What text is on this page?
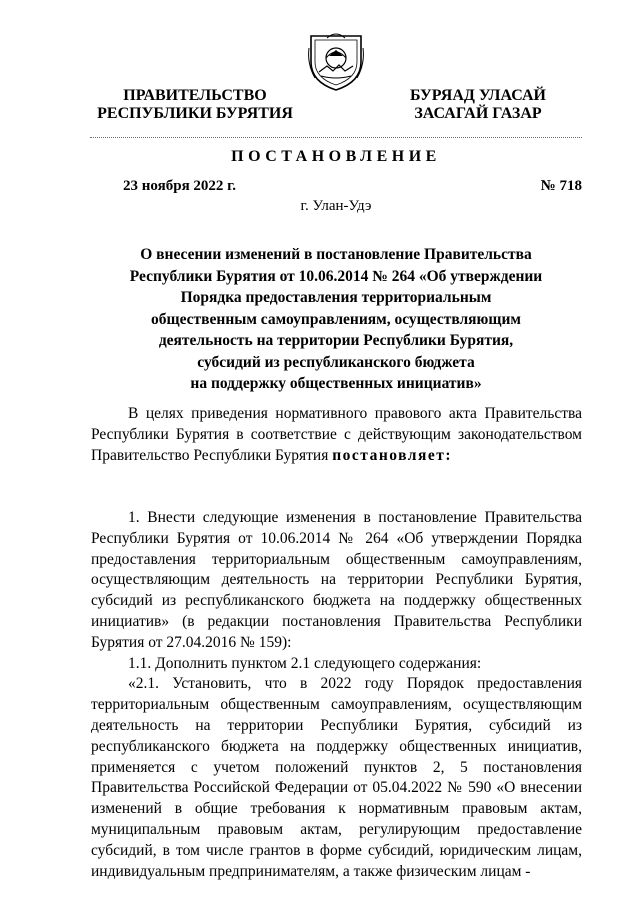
ПРАВИТЕЛЬСТВО
РЕСПУБЛИКИ БУРЯТИЯ
БУРЯАД УЛАСАЙ
ЗАСАГАЙ ГАЗАР
ПОСТАНОВЛЕНИЕ
23 ноября 2022 г.	№ 718
г. Улан-Удэ
О внесении изменений в постановление Правительства
Республики Бурятия от 10.06.2014 № 264 «Об утверждении
Порядка предоставления территориальным
общественным самоуправлениям, осуществляющим
деятельность на территории Республики Бурятия,
субсидий из республиканского бюджета
на поддержку общественных инициатив»

В целях приведения нормативного правового акта Правительства Республики Бурятия в соответствие с действующим законодательством Правительство Республики Бурятия постановляет:

1. Внести следующие изменения в постановление Правительства Республики Бурятия от 10.06.2014 № 264 «Об утверждении Порядка предоставления территориальным общественным самоуправлениям, осуществляющим деятельность на территории Республики Бурятия, субсидий из республиканского бюджета на поддержку общественных инициатив» (в редакции постановления Правительства Республики Бурятия от 27.04.2016 № 159):

1.1. Дополнить пунктом 2.1 следующего содержания:

«2.1. Установить, что в 2022 году Порядок предоставления территориальным общественным самоуправлениям, осуществляющим деятельность на территории Республики Бурятия, субсидий из республиканского бюджета на поддержку общественных инициатив, применяется с учетом положений пунктов 2, 5 постановления Правительства Российской Федерации от 05.04.2022 № 590 «О внесении изменений в общие требования к нормативным правовым актам, муниципальным правовым актам, регулирующим предоставление субсидий, в том числе грантов в форме субсидий, юридическим лицам, индивидуальным предпринимателям, а также физическим лицам -
